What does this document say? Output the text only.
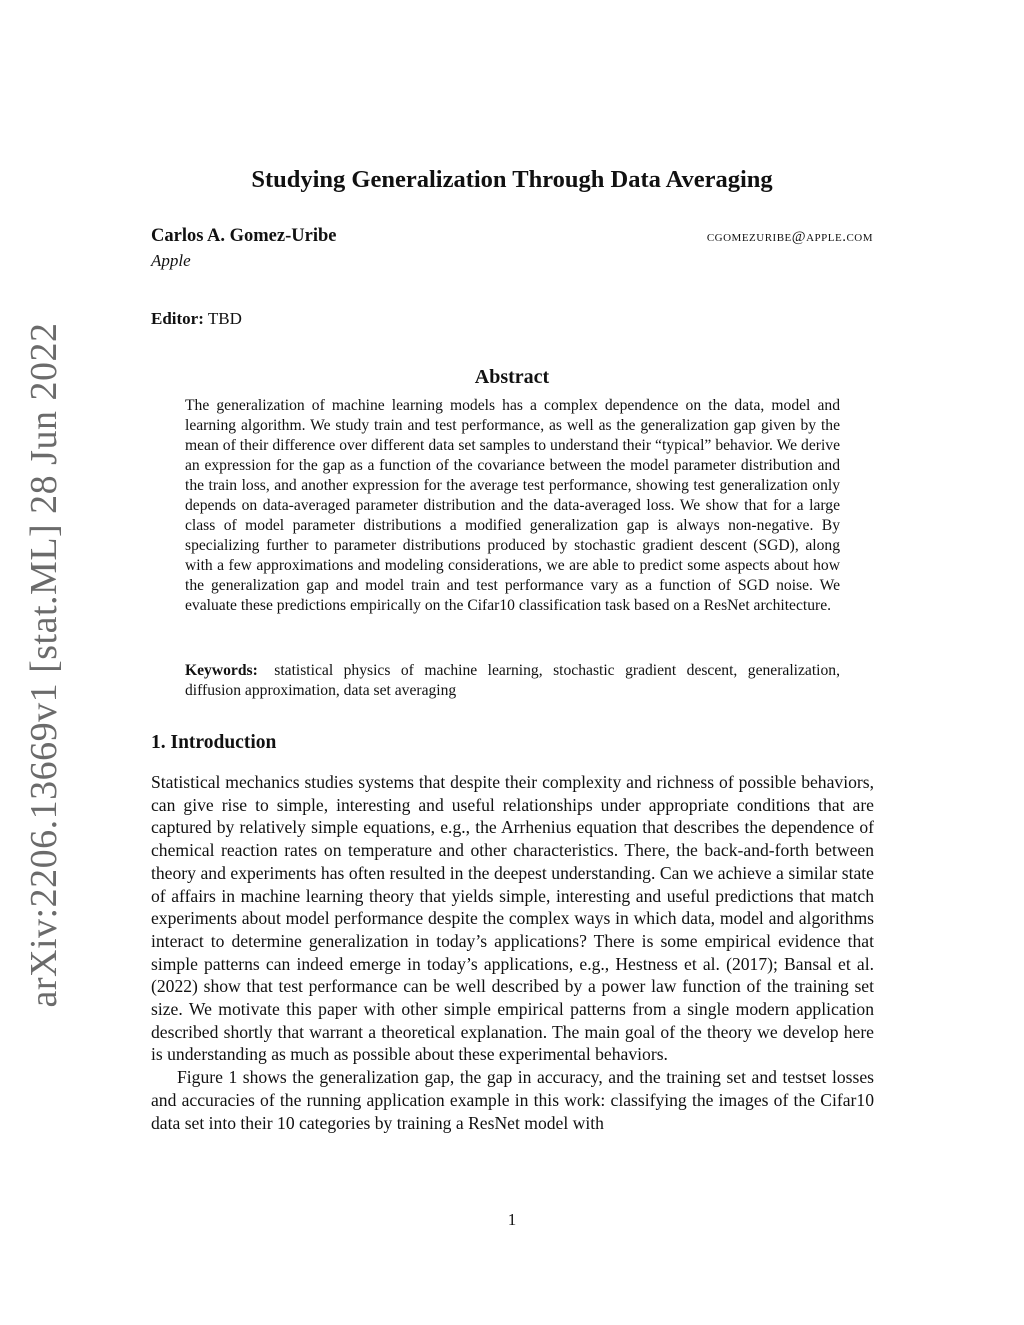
arXiv:2206.13669v1 [stat.ML] 28 Jun 2022
Studying Generalization Through Data Averaging
Carlos A. Gomez-Uribe	cgomezuribe@apple.com
Apple
Editor: TBD
Abstract
The generalization of machine learning models has a complex dependence on the data, model and learning algorithm. We study train and test performance, as well as the generalization gap given by the mean of their difference over different data set samples to understand their “typical” behavior. We derive an expression for the gap as a function of the covariance between the model parameter distribution and the train loss, and another expression for the average test performance, showing test generalization only depends on data-averaged parameter distribution and the data-averaged loss. We show that for a large class of model parameter distributions a modified generalization gap is always non-negative. By specializing further to parameter distributions produced by stochastic gradient descent (SGD), along with a few approximations and modeling considerations, we are able to predict some aspects about how the generalization gap and model train and test performance vary as a function of SGD noise. We evaluate these predictions empirically on the Cifar10 classification task based on a ResNet architecture.
Keywords: statistical physics of machine learning, stochastic gradient descent, generalization, diffusion approximation, data set averaging
1. Introduction

Statistical mechanics studies systems that despite their complexity and richness of possible behaviors, can give rise to simple, interesting and useful relationships under appropriate conditions that are captured by relatively simple equations, e.g., the Arrhenius equation that describes the dependence of chemical reaction rates on temperature and other characteristics. There, the back-and-forth between theory and experiments has often resulted in the deepest understanding. Can we achieve a similar state of affairs in machine learning theory that yields simple, interesting and useful predictions that match experiments about model performance despite the complex ways in which data, model and algorithms interact to determine generalization in today’s applications? There is some empirical evidence that simple patterns can indeed emerge in today’s applications, e.g., Hestness et al. (2017); Bansal et al. (2022) show that test performance can be well described by a power law function of the training set size. We motivate this paper with other simple empirical patterns from a single modern application described shortly that warrant a theoretical explanation. The main goal of the theory we develop here is understanding as much as possible about these experimental behaviors.

Figure 1 shows the generalization gap, the gap in accuracy, and the training set and testset losses and accuracies of the running application example in this work: classifying the images of the Cifar10 data set into their 10 categories by training a ResNet model with

1
